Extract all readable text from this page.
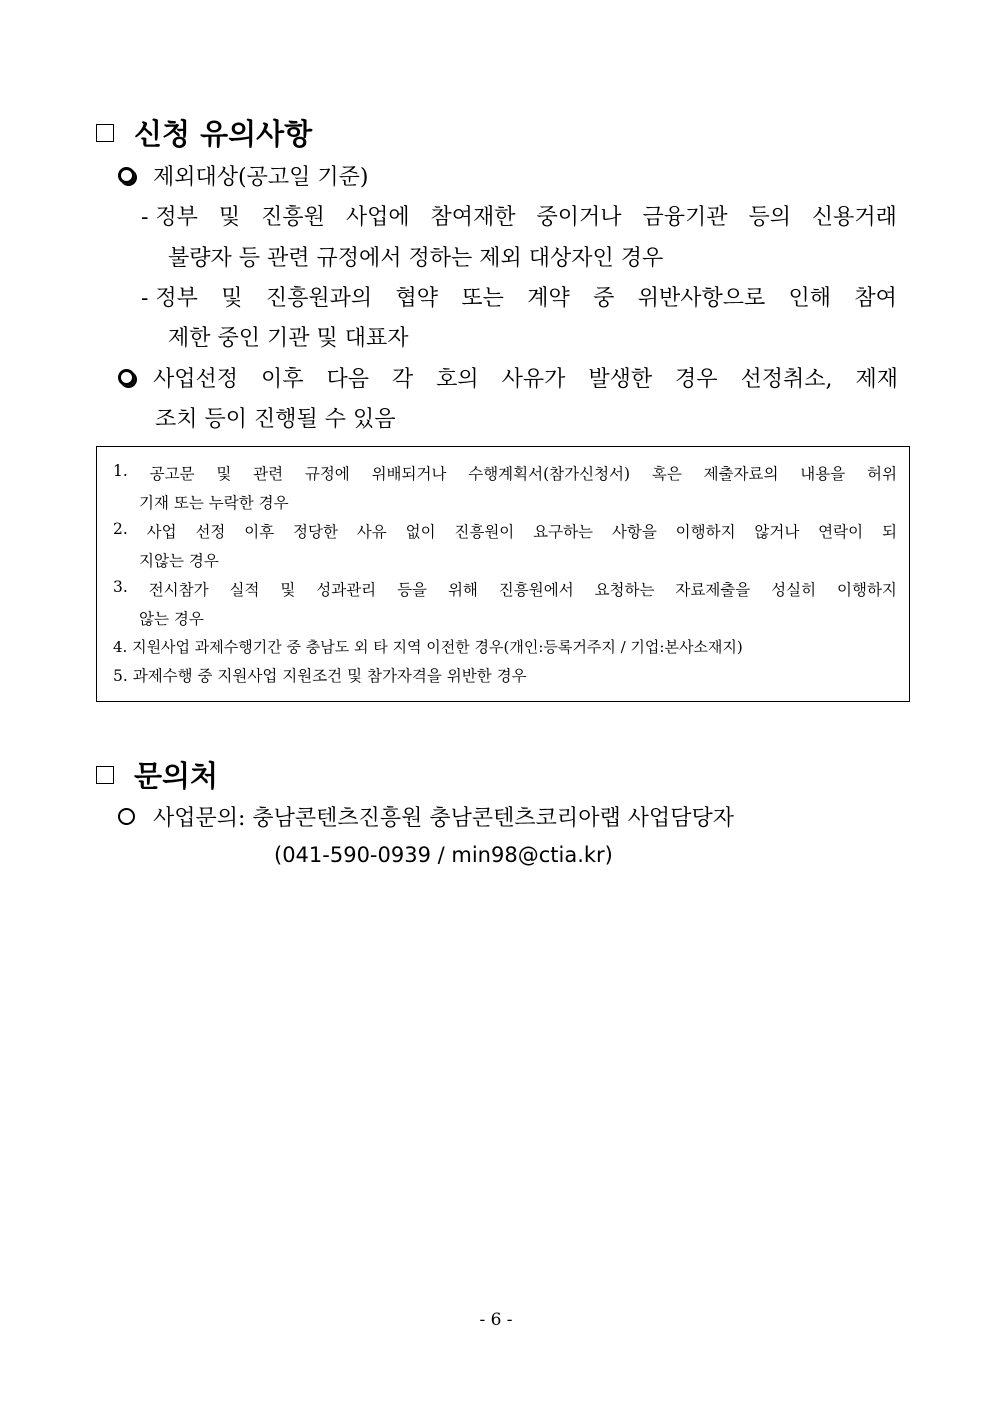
신청 유의사항
제외대상(공고일 기준)
- 정부 및 진흥원 사업에 참여재한 중이거나 금융기관 등의 신용거래
불량자 등 관련 규정에서 정하는 제외 대상자인 경우
- 정부 및 진흥원과의 협약 또는 계약 중 위반사항으로 인해 참여
제한 중인 기관 및 대표자
사업선정 이후 다음 각 호의 사유가 발생한 경우 선정취소, 제재
조치 등이 진행될 수 있음
1. 공고문 및 관련 규정에 위배되거나 수행계획서(참가신청서) 혹은 제출자료의 내용을 허위
기재 또는 누락한 경우
2. 사업 선정 이후 정당한 사유 없이 진흥원이 요구하는 사항을 이행하지 않거나 연락이 되
지않는 경우
3. 전시참가 실적 및 성과관리 등을 위해 진흥원에서 요청하는 자료제출을 성실히 이행하지
않는 경우
4. 지원사업 과제수행기간 중 충남도 외 타 지역 이전한 경우(개인:등록거주지 / 기업:본사소재지)
5. 과제수행 중 지원사업 지원조건 및 참가자격을 위반한 경우
문의처
사업문의: 충남콘텐츠진흥원 충남콘텐츠코리아랩 사업담당자
(041-590-0939 / min98@ctia.kr)
- 6 -
